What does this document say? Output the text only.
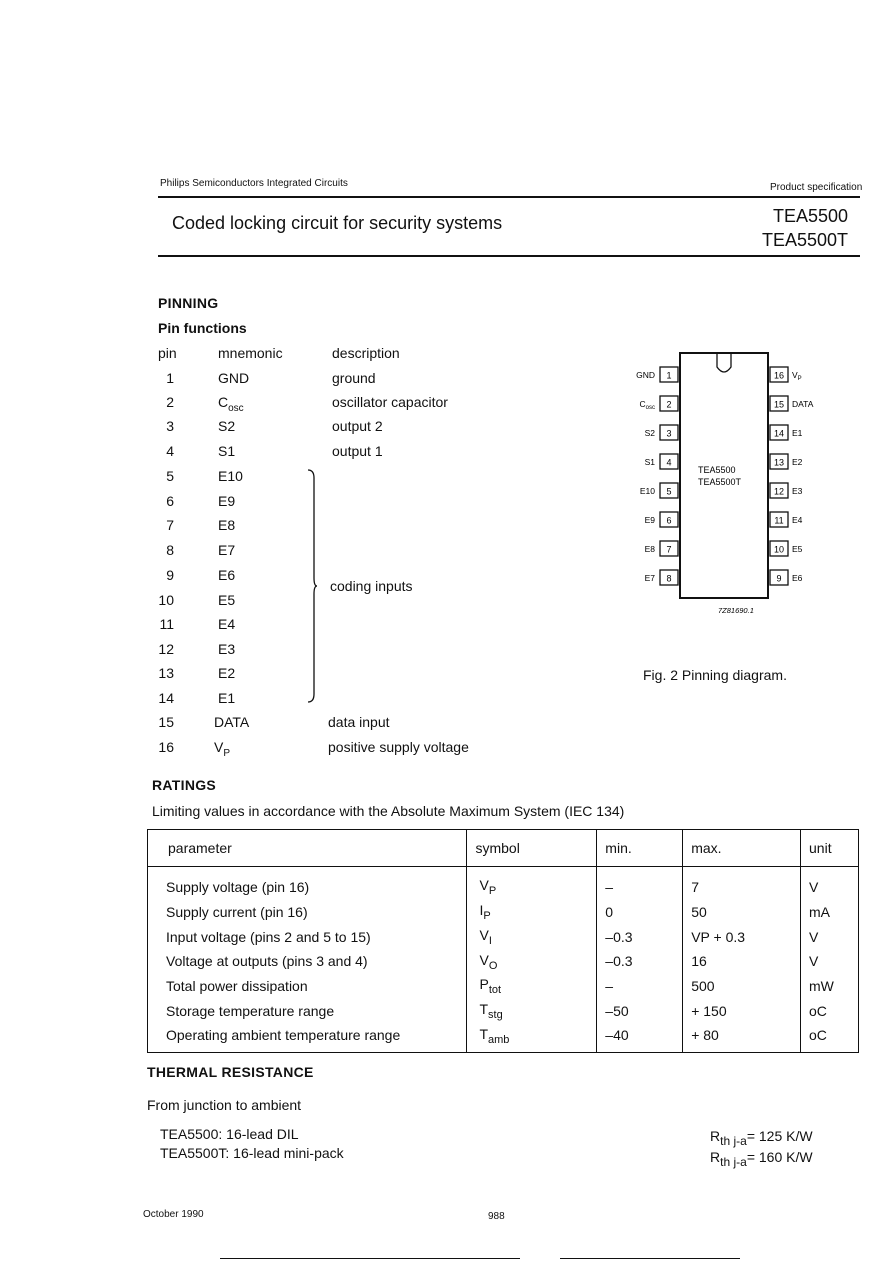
Philips Semiconductors Integrated Circuits	Product specification
Coded locking circuit for security systems	TEA5500
TEA5500T
PINNING
Pin functions
pin	mnemonic	description
1	GND	ground
2	$C_{osc}$	oscillator capacitor
3	S2	output 2
4	S1	output 1
5	E10
6	E9
7	E8
8	E7
9	E6
10	E5
11	E4
12	E3
13	E2
14	E1
15	DATA	data input
16	$V_P$	positive supply voltage
coding inputs
TEA5500
TEA5500T
1
GND
2
$C_{osc}$
3
S2
4
S1
5
E10
6
E9
7
E8
8
E7
16 $V_P$
15 DATA
14 E1
13 E2
12 E3
11 E4
10 E5
9 E6
7Z81690.1
Fig. 2 Pinning diagram.
RATINGS
Limiting values in accordance with the Absolute Maximum System (IEC 134)
parameter	symbol	min.	max.	unit
Supply voltage (pin 16)	$V_P$	–	7	V
Supply current (pin 16)	$I_P$	0	50	mA
Input voltage (pins 2 and 5 to 15)	$V_I$	–0.3	VP + 0.3	V
Voltage at outputs (pins 3 and 4)	$V_O$	–0.3	16	V
Total power dissipation	$P_{tot}$	–	500	mW
Storage temperature range	$T_{stg}$	–50	+ 150	oC
Operating ambient temperature range	$T_{amb}$	–40	+ 80	oC
THERMAL RESISTANCE
From junction to ambient
TEA5500: 16-lead DIL	$R_{th j-a}= 125$ K/W
TEA5500T: 16-lead mini-pack	$R_{th j-a}= 160$ K/W
October 1990	988
